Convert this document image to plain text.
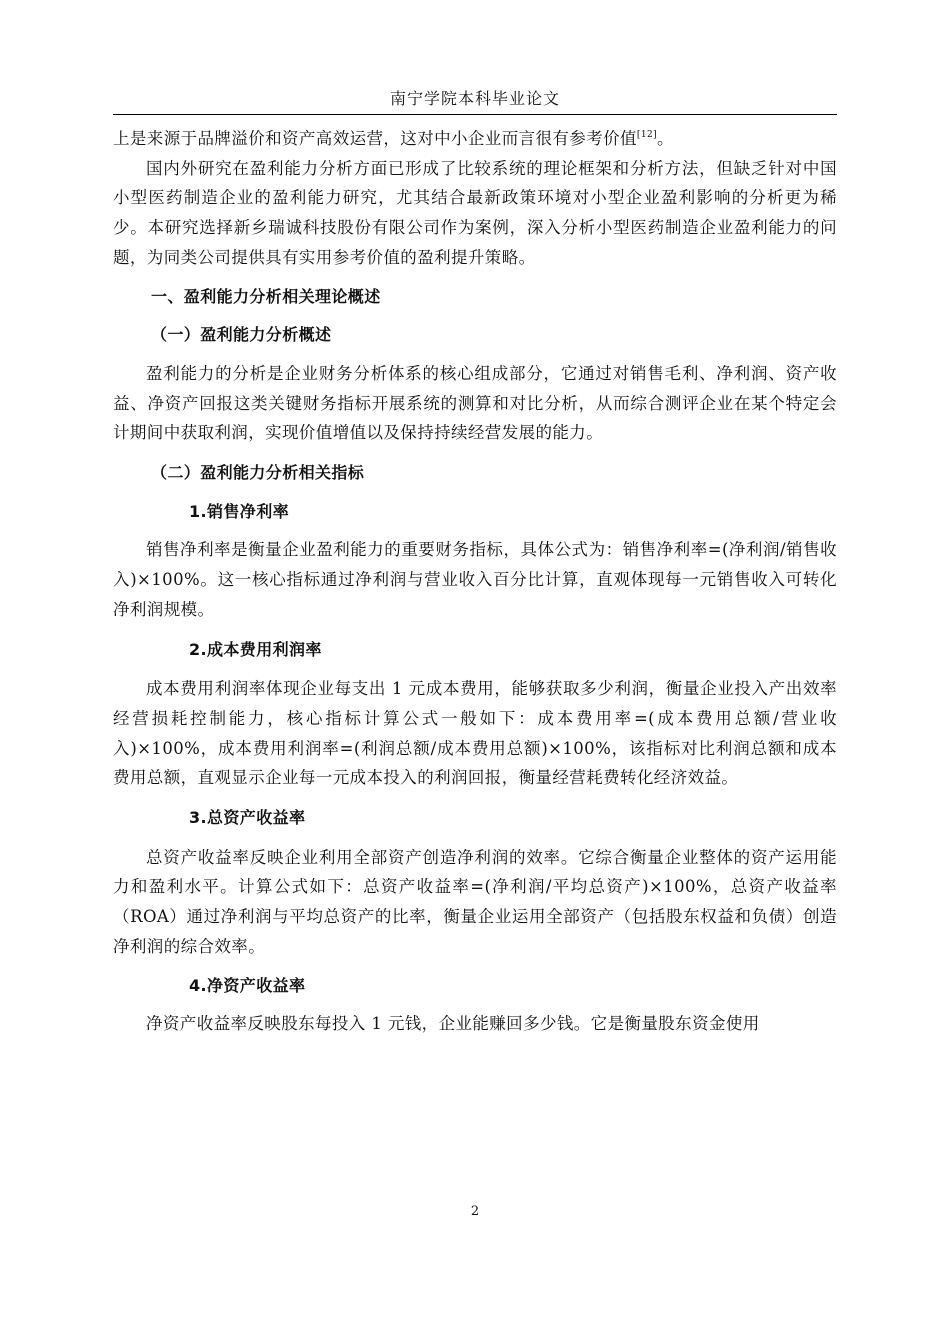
南宁学院本科毕业论文

上是来源于品牌溢价和资产高效运营，这对中小企业而言很有参考价值[12]。

国内外研究在盈利能力分析方面已形成了比较系统的理论框架和分析方法，但缺乏针对中国小型医药制造企业的盈利能力研究，尤其结合最新政策环境对小型企业盈利影响的分析更为稀少。本研究选择新乡瑞诚科技股份有限公司作为案例，深入分析小型医药制造企业盈利能力的问题，为同类公司提供具有实用参考价值的盈利提升策略。

一、盈利能力分析相关理论概述
（一）盈利能力分析概述

盈利能力的分析是企业财务分析体系的核心组成部分，它通过对销售毛利、净利润、资产收益、净资产回报这类关键财务指标开展系统的测算和对比分析，从而综合测评企业在某个特定会计期间中获取利润，实现价值增值以及保持持续经营发展的能力。

（二）盈利能力分析相关指标
1.销售净利率

销售净利率是衡量企业盈利能力的重要财务指标，具体公式为：销售净利率=(净利润/销售收入)×100%。这一核心指标通过净利润与营业收入百分比计算，直观体现每一元销售收入可转化净利润规模。

2.成本费用利润率

成本费用利润率体现企业每支出 1 元成本费用，能够获取多少利润，衡量企业投入产出效率经营损耗控制能力，核心指标计算公式一般如下：成本费用率=(成本费用总额/营业收入)×100%，成本费用利润率=(利润总额/成本费用总额)×100%，该指标对比利润总额和成本费用总额，直观显示企业每一元成本投入的利润回报，衡量经营耗费转化经济效益。

3.总资产收益率

总资产收益率反映企业利用全部资产创造净利润的效率。它综合衡量企业整体的资产运用能力和盈利水平。计算公式如下：总资产收益率=(净利润/平均总资产)×100%，总资产收益率（ROA）通过净利润与平均总资产的比率，衡量企业运用全部资产（包括股东权益和负债）创造净利润的综合效率。

4.净资产收益率

净资产收益率反映股东每投入 1 元钱，企业能赚回多少钱。它是衡量股东资金使用

2
